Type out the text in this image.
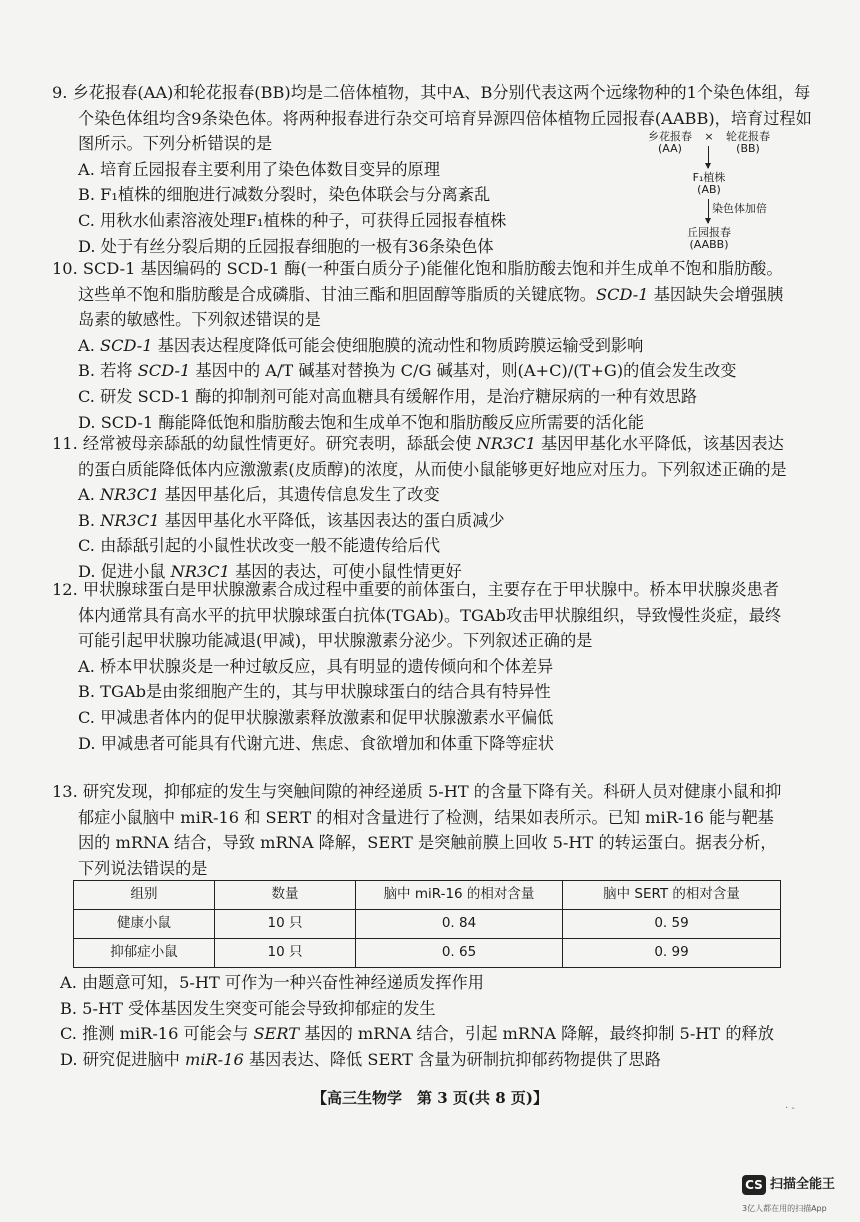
9. 乡花报春(AA)和轮花报春(BB)均是二倍体植物，其中A、B分别代表这两个远缘物种的1个染色体组，每个染色体组均含9条染色体。将两种报春进行杂交可培育异源四倍体植物丘园报春(AABB)，培育过程如图所示。下列分析错误的是

A. 培育丘园报春主要利用了染色体数目变异的原理

B. F₁植株的细胞进行减数分裂时，染色体联会与分离紊乱

C. 用秋水仙素溶液处理F₁植株的种子，可获得丘园报春植株

D. 处于有丝分裂后期的丘园报春细胞的一极有36条染色体

乡花报春
(AA)
×	轮花报春
(BB)
F₁植株
(AB)
染色体加倍
丘园报春
(AABB)

10. SCD-1 基因编码的 SCD-1 酶(一种蛋白质分子)能催化饱和脂肪酸去饱和并生成单不饱和脂肪酸。这些单不饱和脂肪酸是合成磷脂、甘油三酯和胆固醇等脂质的关键底物。SCD-1 基因缺失会增强胰岛素的敏感性。下列叙述错误的是

A. SCD-1 基因表达程度降低可能会使细胞膜的流动性和物质跨膜运输受到影响

B. 若将 SCD-1 基因中的 A/T 碱基对替换为 C/G 碱基对，则(A+C)/(T+G)的值会发生改变

C. 研发 SCD-1 酶的抑制剂可能对高血糖具有缓解作用，是治疗糖尿病的一种有效思路

D. SCD-1 酶能降低饱和脂肪酸去饱和生成单不饱和脂肪酸反应所需要的活化能

11. 经常被母亲舔舐的幼鼠性情更好。研究表明，舔舐会使 NR3C1 基因甲基化水平降低，该基因表达的蛋白质能降低体内应激激素(皮质醇)的浓度，从而使小鼠能够更好地应对压力。下列叙述正确的是

A. NR3C1 基因甲基化后，其遗传信息发生了改变

B. NR3C1 基因甲基化水平降低，该基因表达的蛋白质减少

C. 由舔舐引起的小鼠性状改变一般不能遗传给后代

D. 促进小鼠 NR3C1 基因的表达，可使小鼠性情更好

12. 甲状腺球蛋白是甲状腺激素合成过程中重要的前体蛋白，主要存在于甲状腺中。桥本甲状腺炎患者体内通常具有高水平的抗甲状腺球蛋白抗体(TGAb)。TGAb攻击甲状腺组织，导致慢性炎症，最终可能引起甲状腺功能减退(甲减)，甲状腺激素分泌少。下列叙述正确的是

A. 桥本甲状腺炎是一种过敏反应，具有明显的遗传倾向和个体差异

B. TGAb是由浆细胞产生的，其与甲状腺球蛋白的结合具有特异性

C. 甲减患者体内的促甲状腺激素释放激素和促甲状腺激素水平偏低

D. 甲减患者可能具有代谢亢进、焦虑、食欲增加和体重下降等症状

13. 研究发现，抑郁症的发生与突触间隙的神经递质 5-HT 的含量下降有关。科研人员对健康小鼠和抑郁症小鼠脑中 miR-16 和 SERT 的相对含量进行了检测，结果如表所示。已知 miR-16 能与靶基因的 mRNA 结合，导致 mRNA 降解，SERT 是突触前膜上回收 5-HT 的转运蛋白。据表分析，下列说法错误的是

组别	数量	脑中 miR-16 的相对含量	脑中 SERT 的相对含量
健康小鼠	10 只	0. 84	0. 59
抑郁症小鼠	10 只	0. 65	0. 99

A. 由题意可知，5-HT 可作为一种兴奋性神经递质发挥作用

B. 5-HT 受体基因发生突变可能会导致抑郁症的发生

C. 推测 miR-16 可能会与 SERT 基因的 mRNA 结合，引起 mRNA 降解，最终抑制 5-HT 的释放

D. 研究促进脑中 miR-16 基因表达、降低 SERT 含量为研制抗抑郁药物提供了思路

【高三生物学　第 3 页(共 8 页)】
· -
CS 扫描全能王
3亿人都在用的扫描App
